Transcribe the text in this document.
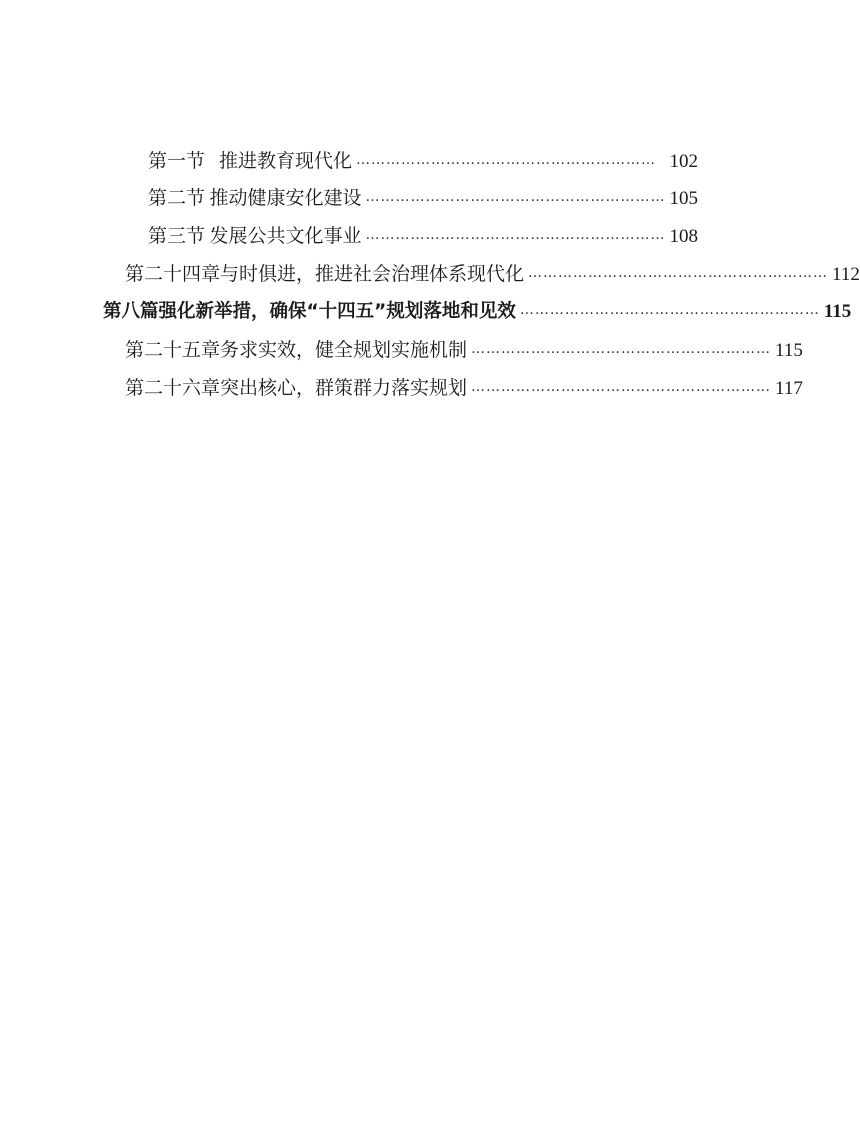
第一节 推进教育现代化 …………………………………………………… 102
第二节 推动健康安化建设 …………………………………………………… 105
第三节 发展公共文化事业 …………………………………………………… 108
第二十四章 与时俱进，推进社会治理体系现代化 …………………………………………………… 112
第八篇 强化新举措，确保“十四五”规划落地和见效 …………………………………………………… 115
第二十五章 务求实效，健全规划实施机制 …………………………………………………… 115
第二十六章 突出核心，群策群力落实规划 …………………………………………………… 117
